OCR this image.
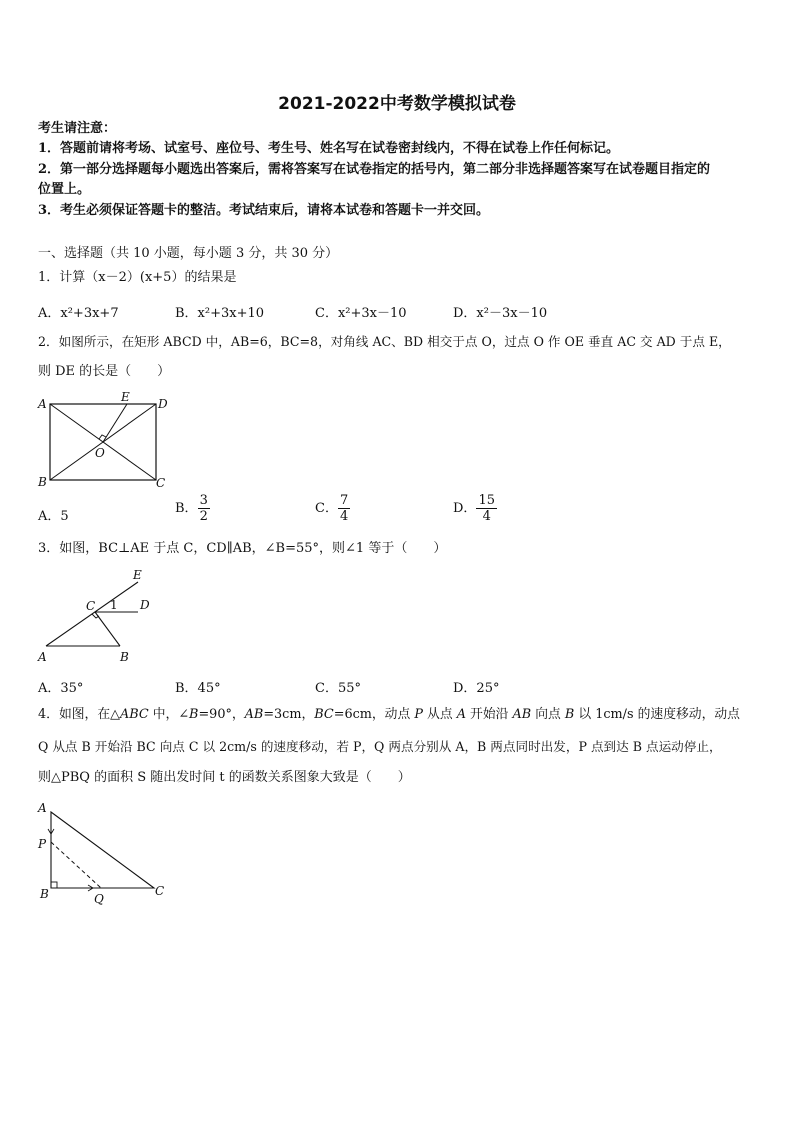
2021-2022中考数学模拟试卷
考生请注意：
1．答题前请将考场、试室号、座位号、考生号、姓名写在试卷密封线内，不得在试卷上作任何标记。
2．第一部分选择题每小题选出答案后，需将答案写在试卷指定的括号内，第二部分非选择题答案写在试卷题目指定的
位置上。
3．考生必须保证答题卡的整洁。考试结束后，请将本试卷和答题卡一并交回。
一、选择题（共 10 小题，每小题 3 分，共 30 分）
1．计算（x－2）(x+5）的结果是
A．x²+3x+7	B．x²+3x+10	C．x²+3x－10	D．x²－3x－10
2．如图所示，在矩形 ABCD 中，AB=6，BC=8，对角线 AC、BD 相交于点 O，过点 O 作 OE 垂直 AC 交 AD 于点 E，
则 DE 的长是（　　）
A
B	C
D
E
O
A．5
B． $\frac{3}{2}$	C． $\frac{7}{4}$	D． $\frac{15}{4}$
3．如图，BC⊥AE 于点 C，CD∥AB，∠B=55°，则∠1 等于（　　）
A	B
C	D
E
1
A．35°	B．45°	C．55°	D．25°
4．如图，在△ABC 中，∠B=90°，AB=3cm，BC=6cm，动点 P 从点 A 开始沿 AB 向点 B 以 1cm/s 的速度移动，动点
Q 从点 B 开始沿 BC 向点 C 以 2cm/s 的速度移动，若 P，Q 两点分别从 A，B 两点同时出发，P 点到达 B 点运动停止，
则△PBQ 的面积 S 随出发时间 t 的函数关系图象大致是（　　）
A
P
B	Q
C
